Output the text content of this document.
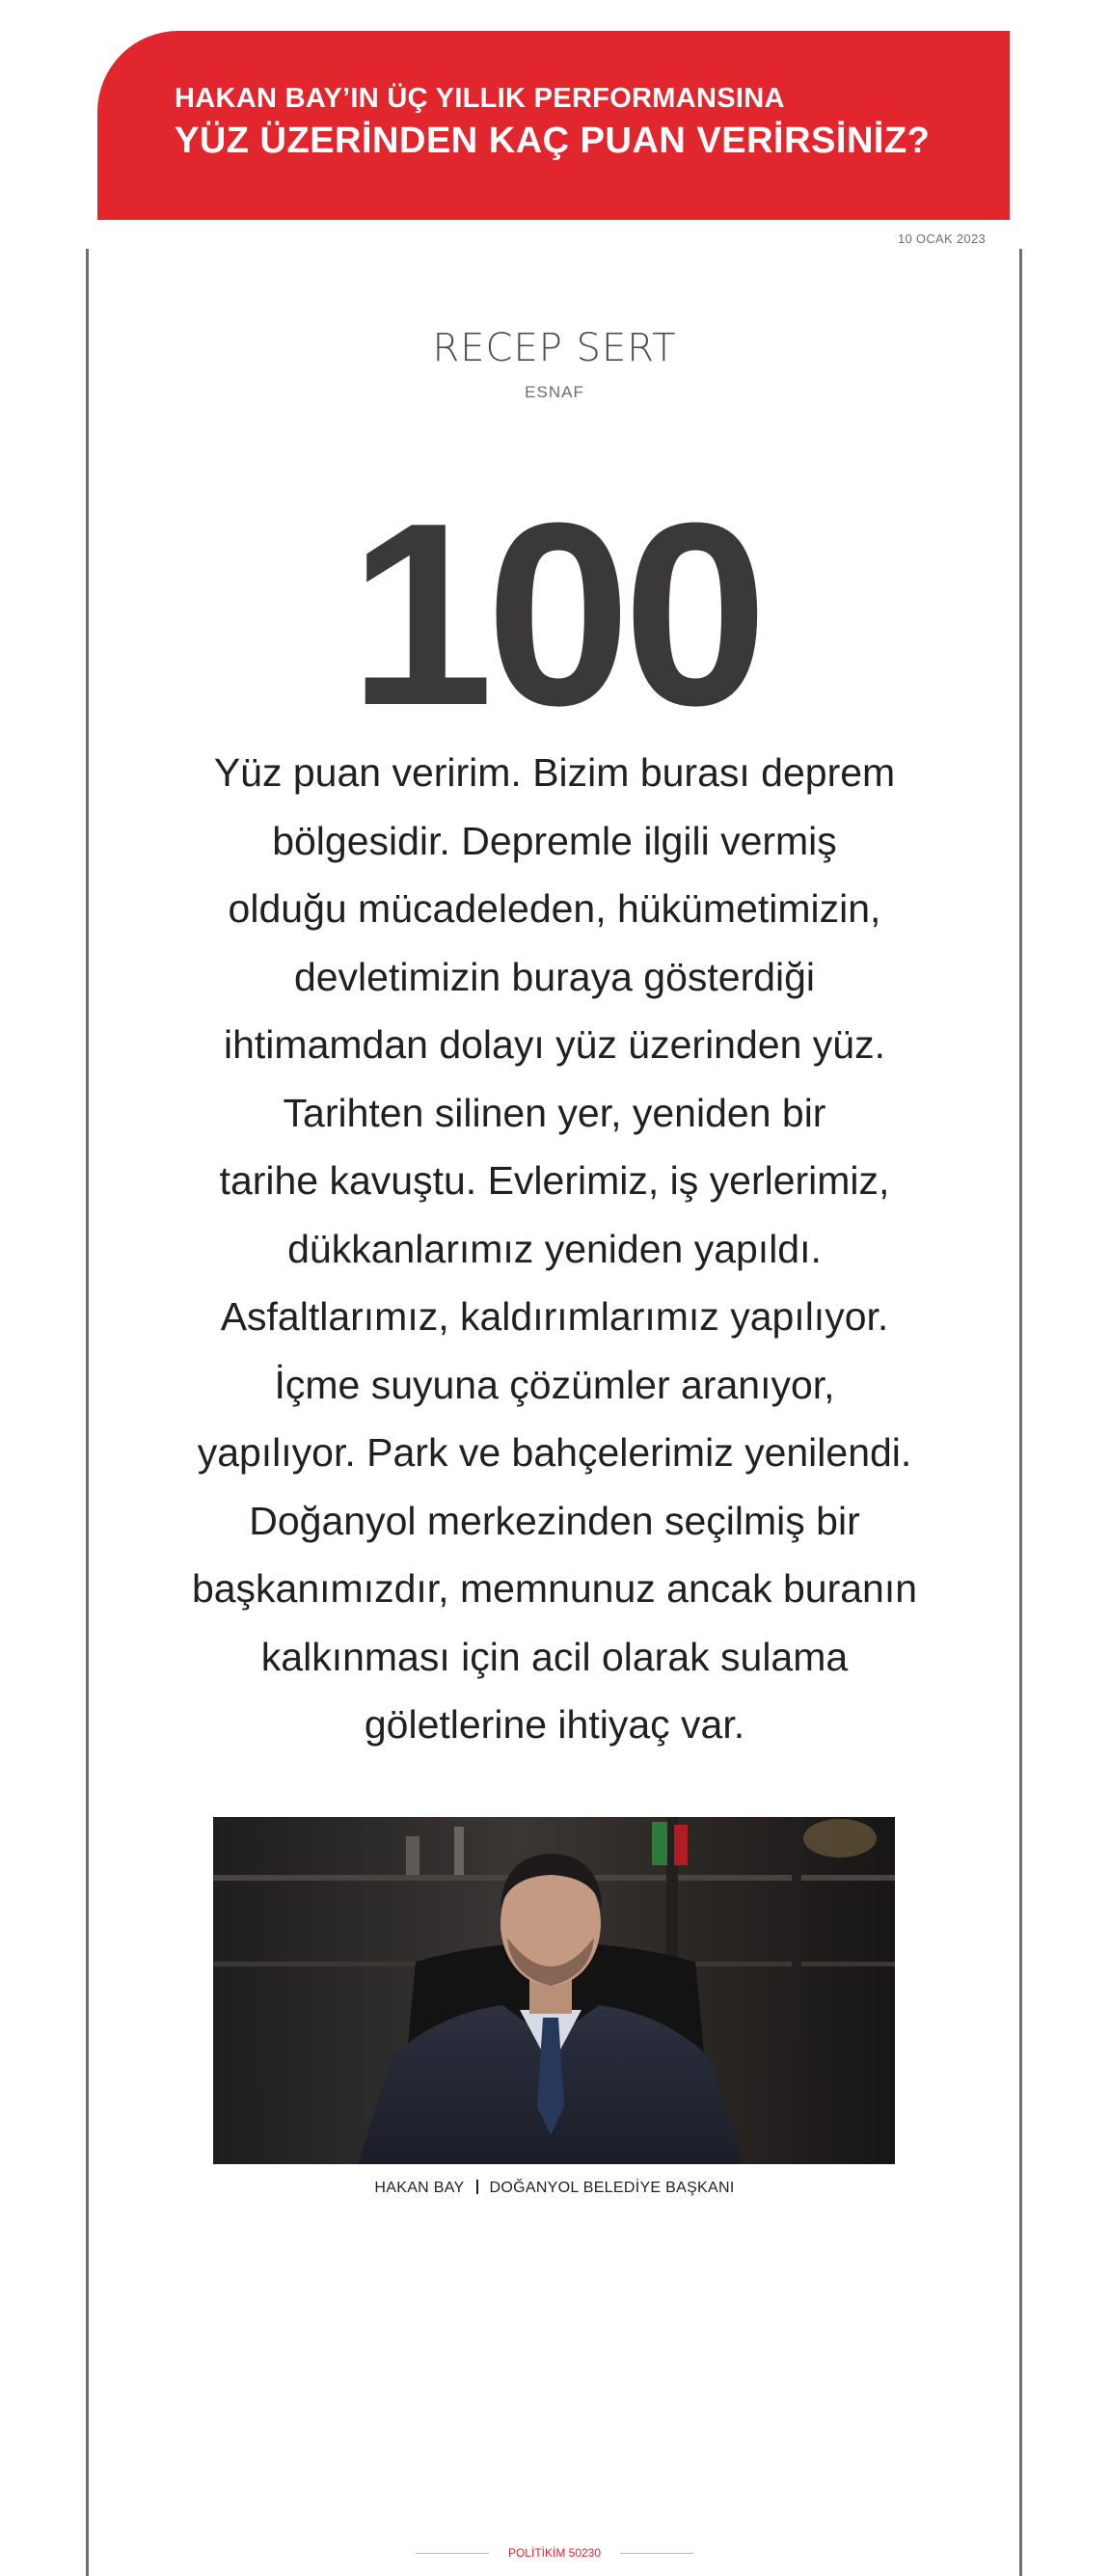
HAKAN BAY’IN ÜÇ YILLIK PERFORMANSINA
YÜZ ÜZERİNDEN KAÇ PUAN VERİRSİNİZ?
10 OCAK 2023
RECEP SERT
ESNAF
100
Yüz puan veririm. Bizim burası deprem
bölgesidir. Depremle ilgili vermiş
olduğu mücadeleden, hükümetimizin,
devletimizin buraya gösterdiği
ihtimamdan dolayı yüz üzerinden yüz.
Tarihten silinen yer, yeniden bir
tarihe kavuştu. Evlerimiz, iş yerlerimiz,
dükkanlarımız yeniden yapıldı.
Asfaltlarımız, kaldırımlarımız yapılıyor.
İçme suyuna çözümler aranıyor,
yapılıyor. Park ve bahçelerimiz yenilendi.
Doğanyol merkezinden seçilmiş bir
başkanımızdır, memnunuz ancak buranın
kalkınması için acil olarak sulama
göletlerine ihtiyaç var.
HAKAN BAY DOĞANYOL BELEDİYE BAŞKANI
POLİTİKİM 50230
